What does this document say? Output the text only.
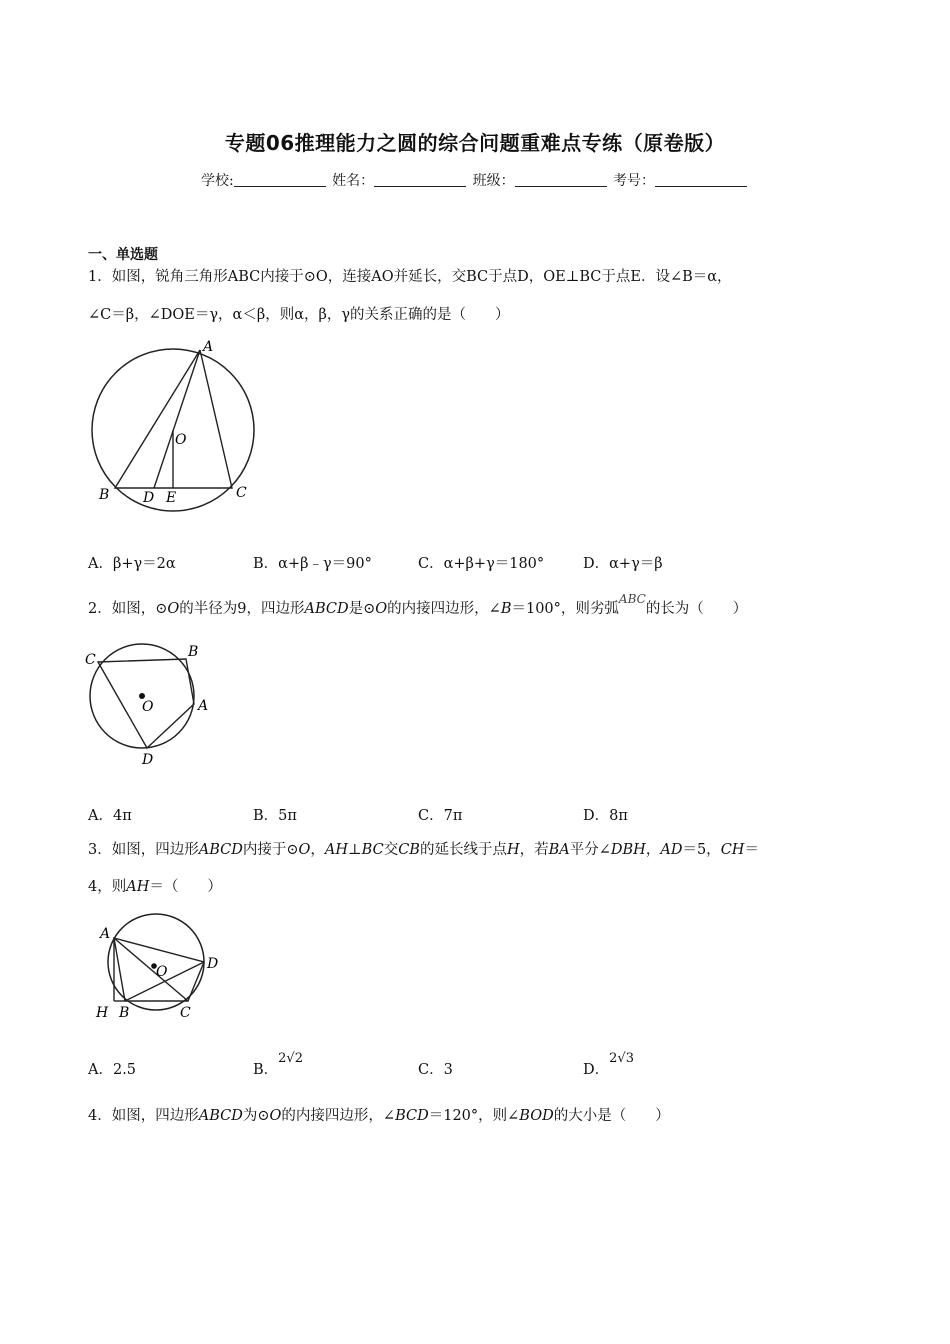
专题06推理能力之圆的综合问题重难点专练（原卷版）
学校:	姓名：	班级：	考号：
一、单选题
1．如图，锐角三角形ABC内接于⊙O，连接AO并延长，交BC于点D，OE⊥BC于点E．设∠B＝α，
∠C＝β，∠DOE＝γ，α＜β，则α，β，γ的关系正确的是（　　）
A
O
B D E	C
A．β+γ＝2α	B．α+β﹣γ＝90°	C．α+β+γ＝180°	D．α+γ＝β
2．如图，⊙O的半径为9，四边形ABCD是⊙O的内接四边形，∠B＝100°，则劣弧ABC的长为（　　）
C	B
O	A
D
A．4π	B．5π	C．7π	D．8π
3．如图，四边形ABCD内接于⊙O，AH⊥BC交CB的延长线于点H，若BA平分∠DBH，AD＝5，CH＝
4，则AH＝（　　）
A
O	D
H B	C
A．2.5	B．2√2
C．3	D．2√3
4．如图，四边形ABCD为⊙O的内接四边形，∠BCD＝120°，则∠BOD的大小是（　　）
